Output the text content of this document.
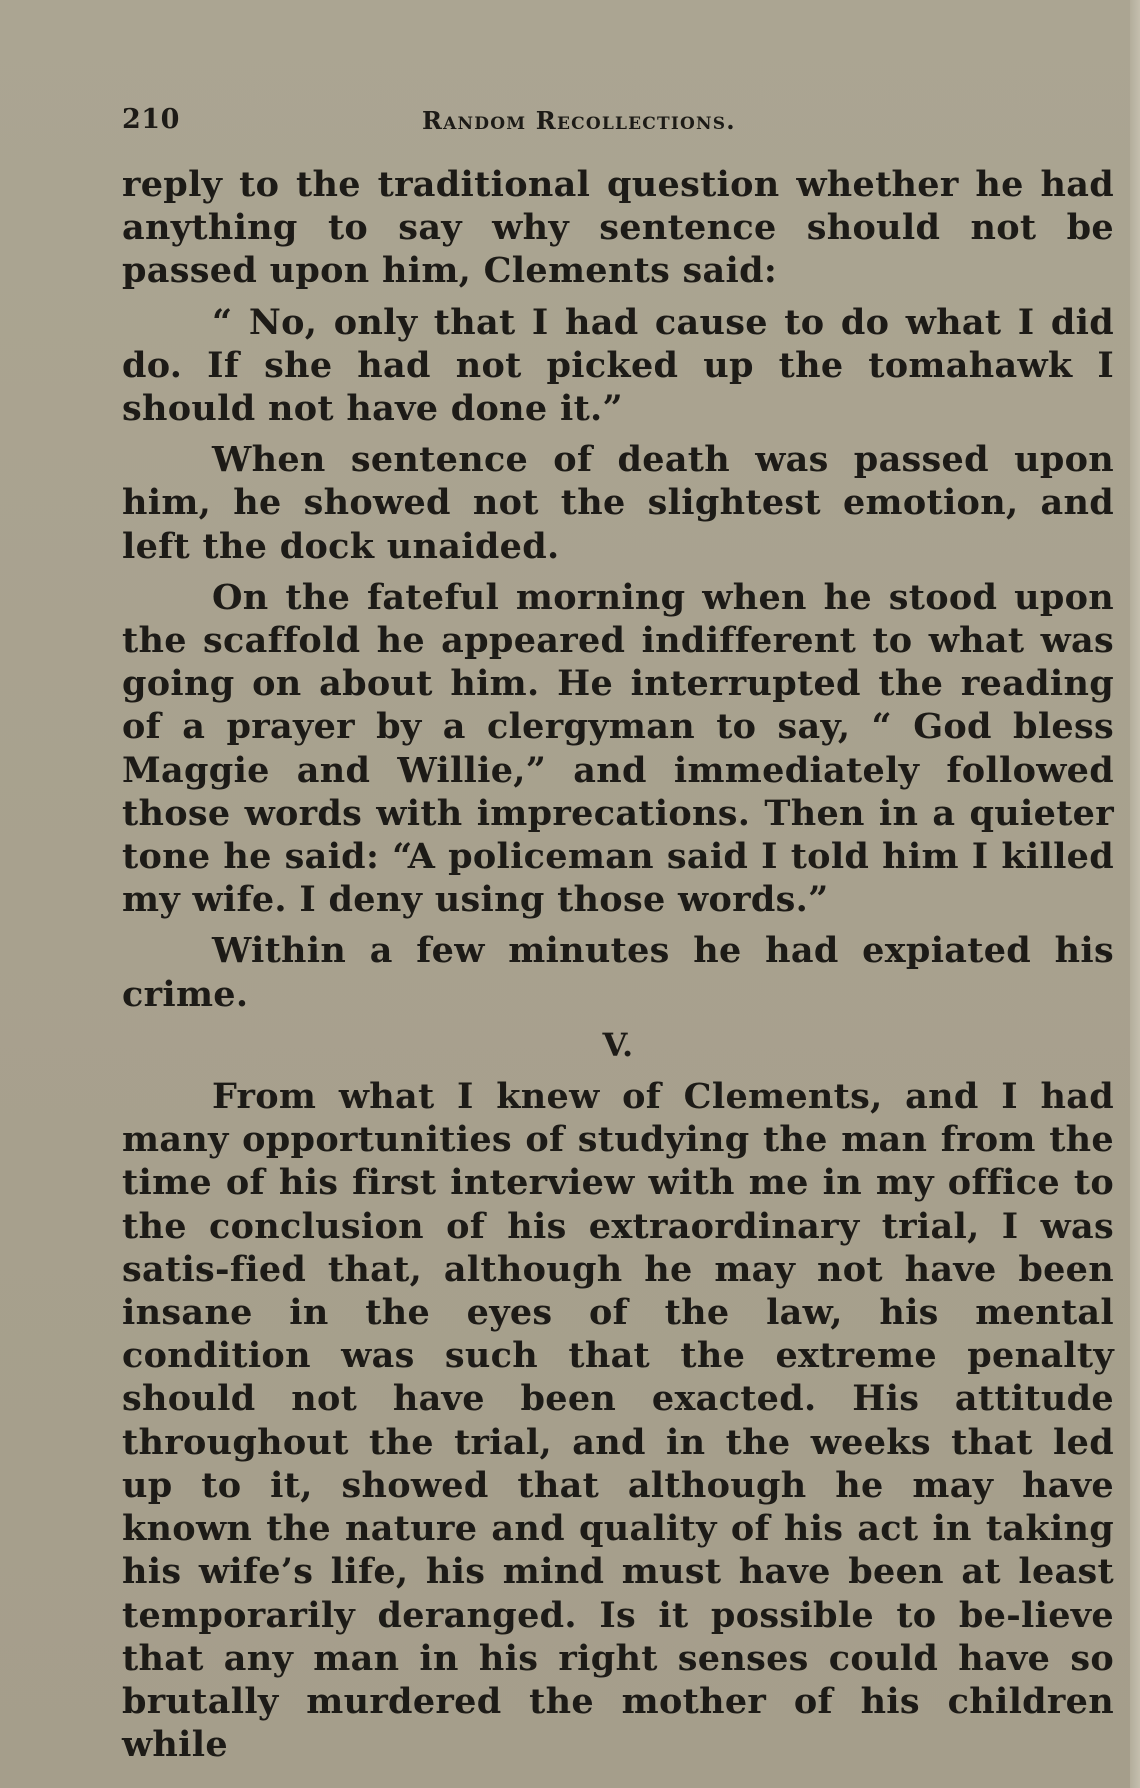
210	Random Recollections.

reply to the traditional question whether he had anything to say why sentence should not be passed upon him, Clements said:

“ No, only that I had cause to do what I did do. If she had not picked up the tomahawk I should not have done it.”

When sentence of death was passed upon him, he showed not the slightest emotion, and left the dock unaided.

On the fateful morning when he stood upon the scaffold he appeared indifferent to what was going on about him. He interrupted the reading of a prayer by a clergyman to say, “ God bless Maggie and Willie,” and immediately followed those words with imprecations. Then in a quieter tone he said: “A policeman said I told him I killed my wife. I deny using those words.”

Within a few minutes he had expiated his crime.

V.

From what I knew of Clements, and I had many opportunities of studying the man from the time of his first interview with me in my office to the conclusion of his extraordinary trial, I was satis-fied that, although he may not have been insane in the eyes of the law, his mental condition was such that the extreme penalty should not have been exacted. His attitude throughout the trial, and in the weeks that led up to it, showed that although he may have known the nature and quality of his act in taking his wife’s life, his mind must have been at least temporarily deranged. Is it possible to be-lieve that any man in his right senses could have so brutally murdered the mother of his children while
